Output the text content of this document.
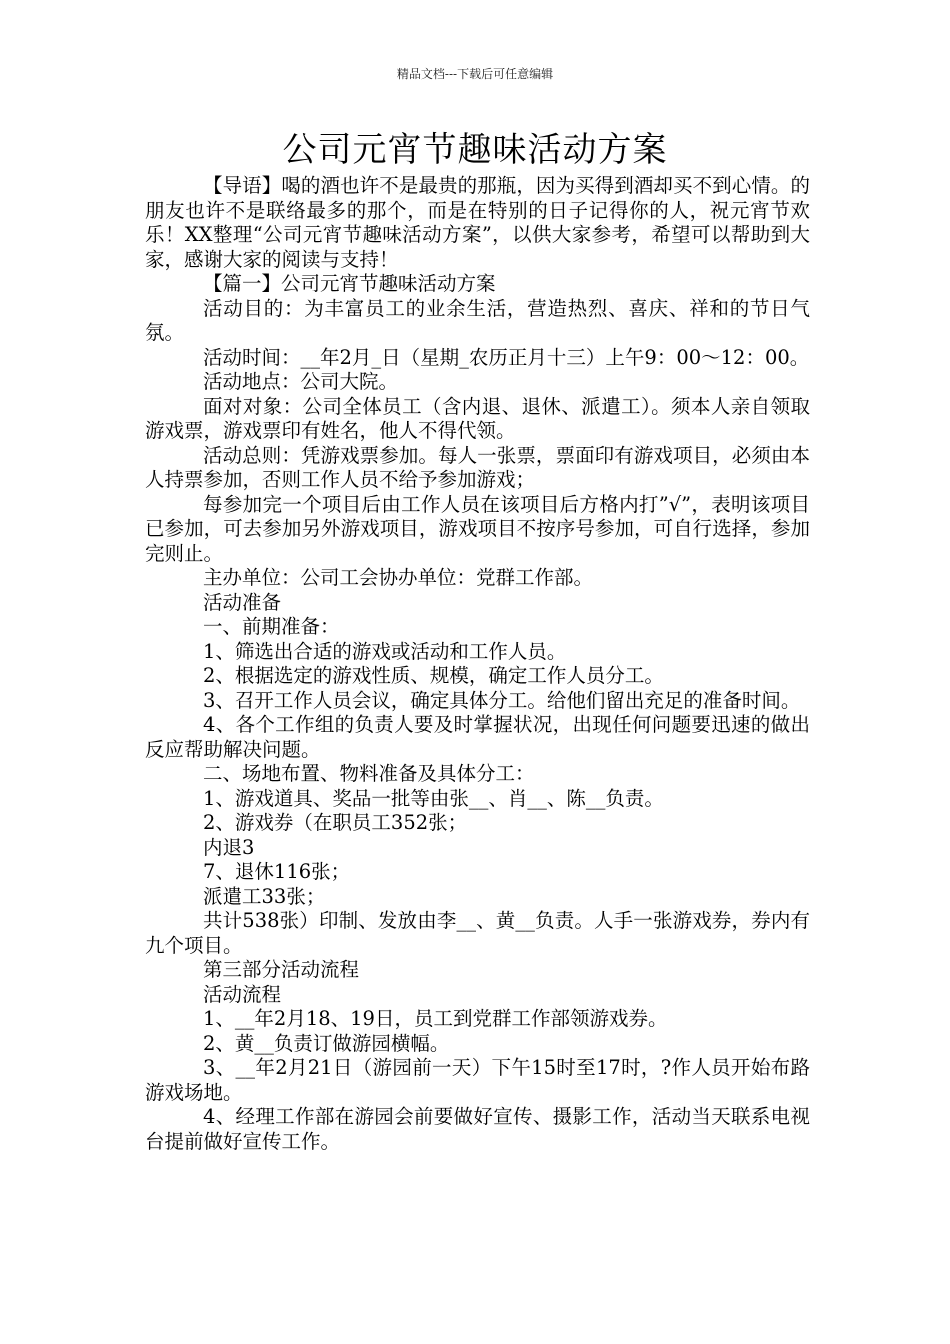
精品文档---下载后可任意编辑
公司元宵节趣味活动方案

【导语】喝的酒也许不是最贵的那瓶，因为买得到酒却买不到心情。的朋友也许不是联络最多的那个，而是在特别的日子记得你的人，祝元宵节欢乐！XX整理“公司元宵节趣味活动方案”，以供大家参考，希望可以帮助到大家，感谢大家的阅读与支持！

【篇一】公司元宵节趣味活动方案

活动目的：为丰富员工的业余生活，营造热烈、喜庆、祥和的节日气氛。

活动时间：__年2月_日（星期_农历正月十三）上午9：00～12：00。

活动地点：公司大院。

面对对象：公司全体员工（含内退、退休、派遣工）。须本人亲自领取游戏票，游戏票印有姓名，他人不得代领。

活动总则：凭游戏票参加。每人一张票，票面印有游戏项目，必须由本人持票参加，否则工作人员不给予参加游戏；

每参加完一个项目后由工作人员在该项目后方格内打”√”，表明该项目已参加，可去参加另外游戏项目，游戏项目不按序号参加，可自行选择，参加完则止。

主办单位：公司工会协办单位：党群工作部。

活动准备

一、前期准备：

1、筛选出合适的游戏或活动和工作人员。

2、根据选定的游戏性质、规模，确定工作人员分工。

3、召开工作人员会议，确定具体分工。给他们留出充足的准备时间。

4、各个工作组的负责人要及时掌握状况，出现任何问题要迅速的做出反应帮助解决问题。

二、场地布置、物料准备及具体分工：

1、游戏道具、奖品一批等由张__、肖__、陈__负责。

2、游戏券（在职员工352张；

内退3

7、退休116张；

派遣工33张；

共计538张）印制、发放由李__、黄__负责。人手一张游戏券，券内有九个项目。

第三部分活动流程

活动流程

1、__年2月18、19日，员工到党群工作部领游戏券。

2、黄__负责订做游园横幅。

3、__年2月21日（游园前一天）下午15时至17时，?作人员开始布路游戏场地。

4、经理工作部在游园会前要做好宣传、摄影工作，活动当天联系电视台提前做好宣传工作。
